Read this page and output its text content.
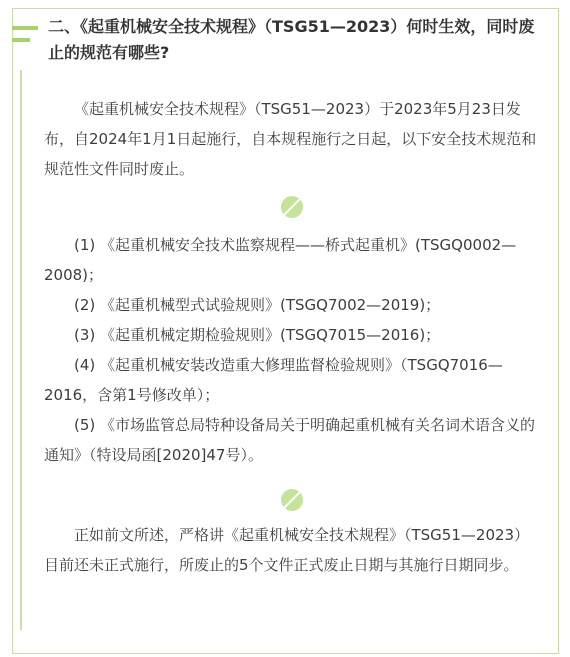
二、《起重机械安全技术规程》（TSG51—2023）何时生效，同时废止的规范有哪些?
《起重机械安全技术规程》（TSG51—2023）于2023年5月23日发布，自2024年1月1日起施行，自本规程施行之日起，以下安全技术规范和规范性文件同时废止。
(1) 《起重机械安全技术监察规程——桥式起重机》(TSGQ0002—2008)；
(2) 《起重机械型式试验规则》(TSGQ7002—2019)；
(3) 《起重机械定期检验规则》(TSGQ7015—2016)；
(4) 《起重机械安装改造重大修理监督检验规则》（TSGQ7016—2016，含第1号修改单）；
(5) 《市场监管总局特种设备局关于明确起重机械有关名词术语含义的通知》（特设局函[2020]47号）。
正如前文所述，严格讲《起重机械安全技术规程》（TSG51—2023）目前还未正式施行，所废止的5个文件正式废止日期与其施行日期同步。
